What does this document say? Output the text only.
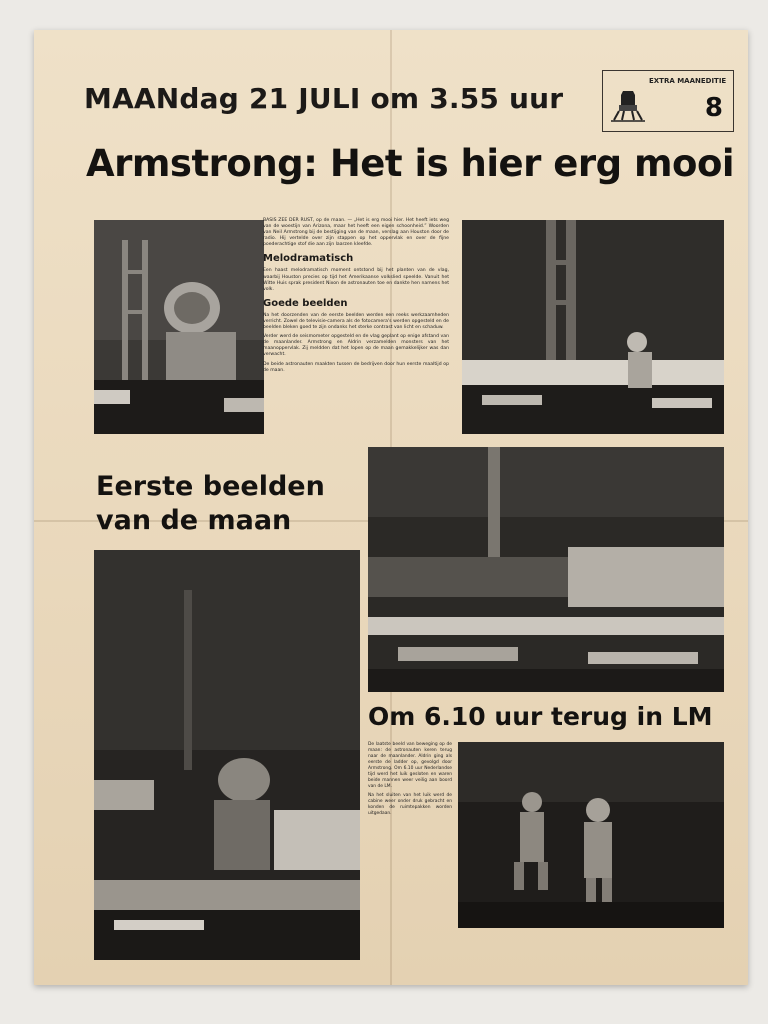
MAANdag 21 JULI om 3.55 uur
EXTRA MAANEDITIE
8
Armstrong: Het is hier erg mooi

BASIS ZEE DER RUST, op de maan. — „Het is erg mooi hier. Het heeft iets weg van de woestijn van Arizona, maar het heeft een eigen schoonheid.” Woorden van Neil Armstrong bij de bestijging van de maan, verslag aan Houston door de radio. Hij vertelde over zijn stappen op het oppervlak en over de fijne poederachtige stof die aan zijn laarzen kleefde.

Melodramatisch

Een haast melodramatisch moment ontstond bij het planten van de vlag, waarbij Houston precies op tijd het Amerikaanse volkslied speelde. Vanuit het Witte Huis sprak president Nixon de astronauten toe en dankte hen namens het volk.

Goede beelden

Na het doorzenden van de eerste beelden werden een reeks werkzaamheden verricht. Zowel de televisie-camera als de fotocamera's werden opgesteld en de beelden bleken goed te zijn ondanks het sterke contrast van licht en schaduw.

Verder werd de seismometer opgesteld en de vlag geplant op enige afstand van de maanlander. Armstrong en Aldrin verzamelden monsters van het maanoppervlak. Zij meldden dat het lopen op de maan gemakkelijker was dan verwacht.

De beide astronauten maakten tussen de bedrijven door hun eerste maaltijd op de maan.

Eerste beelden
van de maan
Om 6.10 uur terug in LM

De laatste beeld van beweging op de maan: de astronauten keren terug naar de maanlander. Aldrin ging als eerste de ladder op, gevolgd door Armstrong. Om 6.10 uur Nederlandse tijd werd het luik gesloten en waren beide mannen weer veilig aan boord van de LM.

Na het sluiten van het luik werd de cabine weer onder druk gebracht en konden de ruimtepakken worden uitgedaan.
